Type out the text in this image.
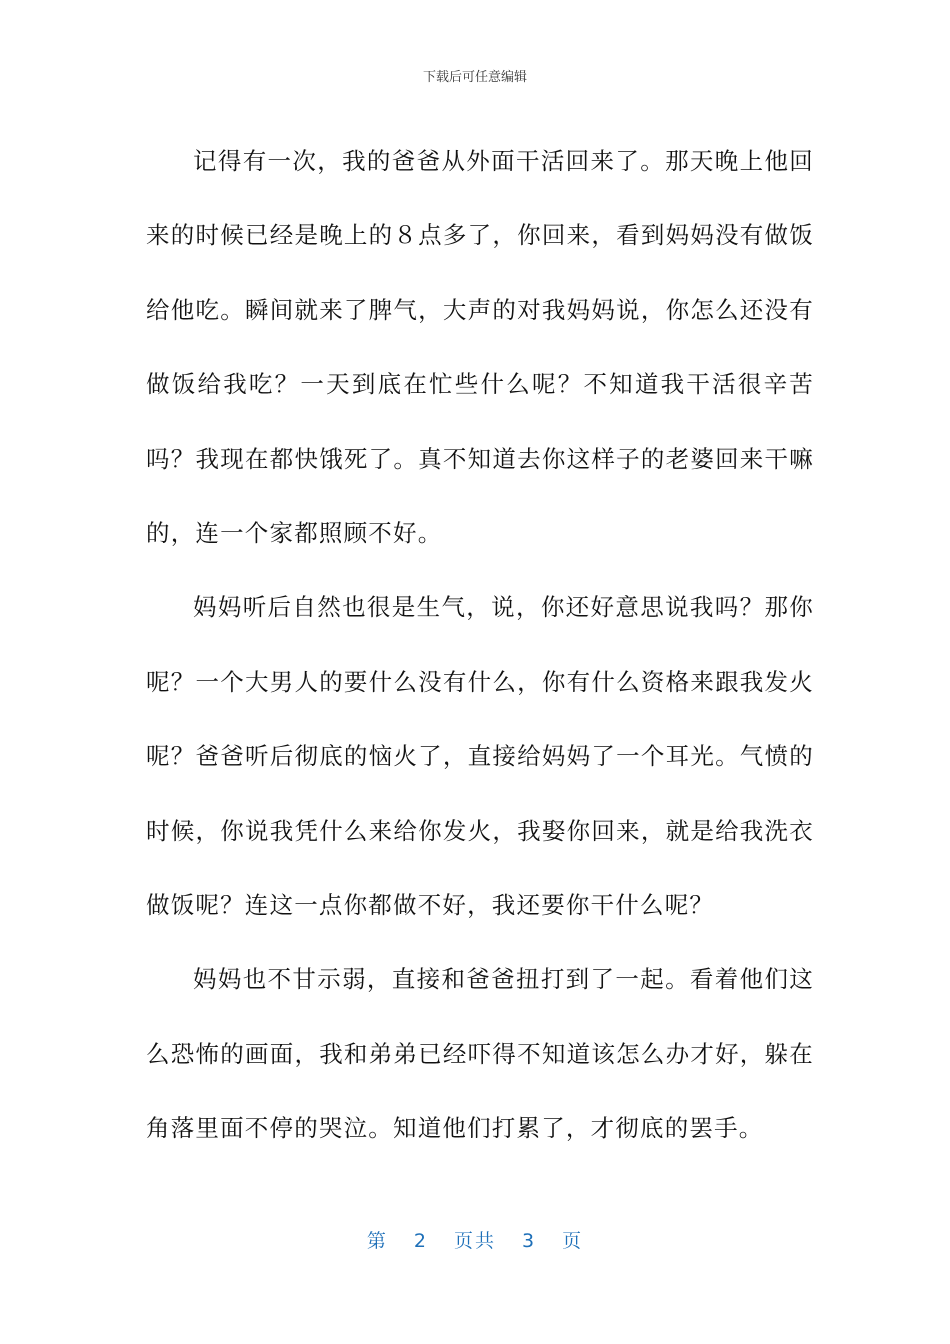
下载后可任意编辑

记得有一次，我的爸爸从外面干活回来了。那天晚上他回来的时候已经是晚上的８点多了，你回来，看到妈妈没有做饭给他吃。瞬间就来了脾气，大声的对我妈妈说，你怎么还没有做饭给我吃？一天到底在忙些什么呢？不知道我干活很辛苦吗？我现在都快饿死了。真不知道去你这样子的老婆回来干嘛的，连一个家都照顾不好。

妈妈听后自然也很是生气，说，你还好意思说我吗？那你呢？一个大男人的要什么没有什么，你有什么资格来跟我发火呢？爸爸听后彻底的恼火了，直接给妈妈了一个耳光。气愤的时候，你说我凭什么来给你发火，我娶你回来，就是给我洗衣做饭呢？连这一点你都做不好，我还要你干什么呢？

妈妈也不甘示弱，直接和爸爸扭打到了一起。看着他们这么恐怖的画面，我和弟弟已经吓得不知道该怎么办才好，躲在角落里面不停的哭泣。知道他们打累了，才彻底的罢手。

第 2 页共 3 页
